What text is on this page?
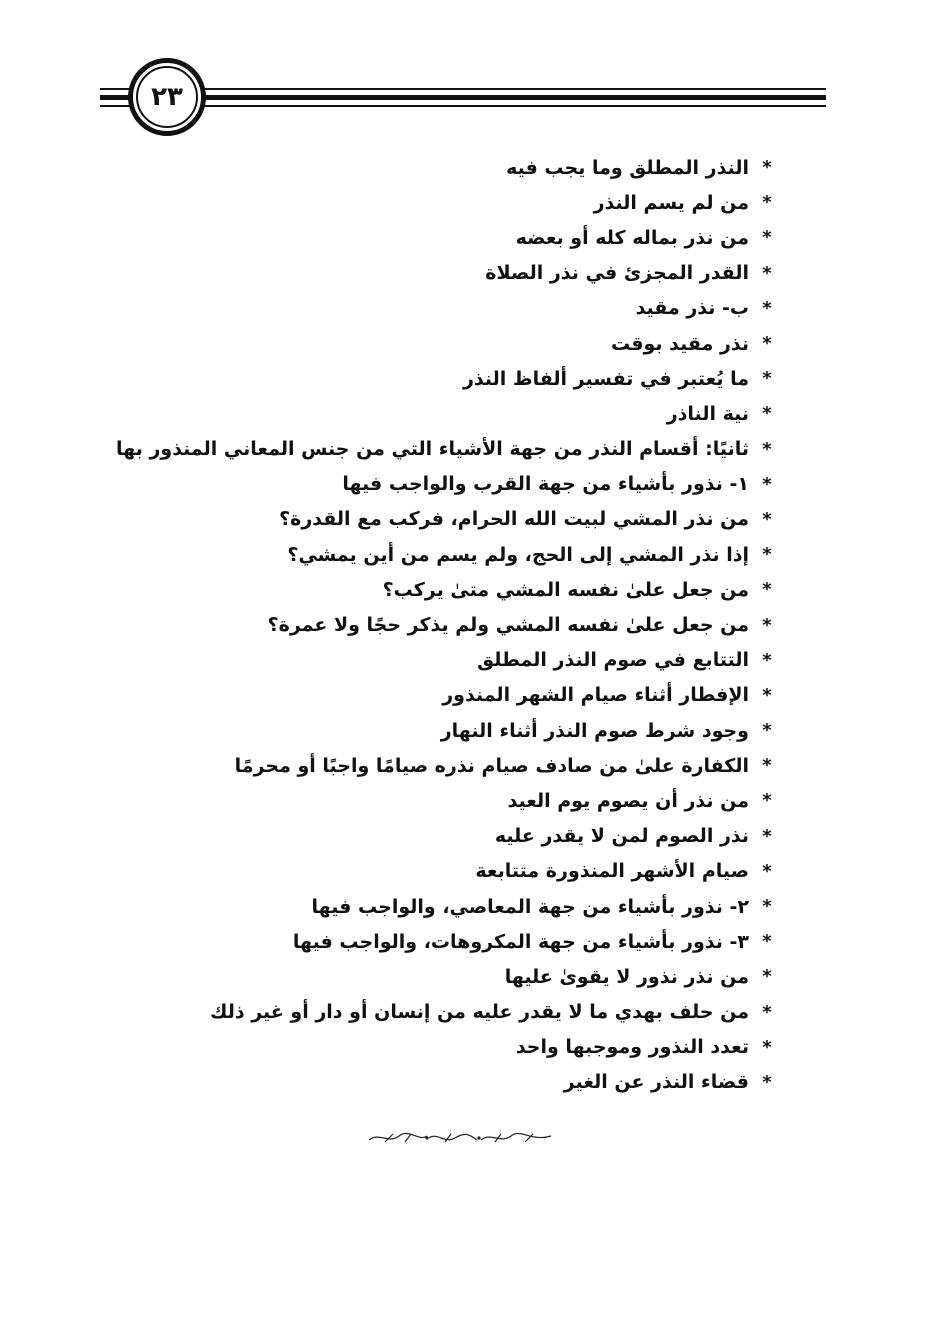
٢٣
*
النذر المطلق وما يجب فيه
*
من لم يسم النذر
*
من نذر بماله كله أو بعضه
*
القدر المجزئ في نذر الصلاة
*
ب- نذر مقيد
*
نذر مقيد بوقت
*
ما يُعتبر في تفسير ألفاظ النذر
*
نية الناذر
*
ثانيًا: أقسام النذر من جهة الأشياء التي من جنس المعاني المنذور بها
*
١- نذور بأشياء من جهة القرب والواجب فيها
*
من نذر المشي لبيت الله الحرام، فركب مع القدرة؟
*
إذا نذر المشي إلى الحج، ولم يسم من أين يمشي؟
*
من جعل علىٰ نفسه المشي متىٰ يركب؟
*
من جعل علىٰ نفسه المشي ولم يذكر حجًا ولا عمرة؟
*
التتابع في صوم النذر المطلق
*
الإفطار أثناء صيام الشهر المنذور
*
وجود شرط صوم النذر أثناء النهار
*
الكفارة علىٰ من صادف صيام نذره صيامًا واجبًا أو محرمًا
*
من نذر أن يصوم يوم العيد
*
نذر الصوم لمن لا يقدر عليه
*
صيام الأشهر المنذورة متتابعة
*
٢- نذور بأشياء من جهة المعاصي، والواجب فيها
*
٣- نذور بأشياء من جهة المكروهات، والواجب فيها
*
من نذر نذور لا يقوىٰ عليها
*
من حلف بهدي ما لا يقدر عليه من إنسان أو دار أو غير ذلك
*
تعدد النذور وموجبها واحد
*
قضاء النذر عن الغير
